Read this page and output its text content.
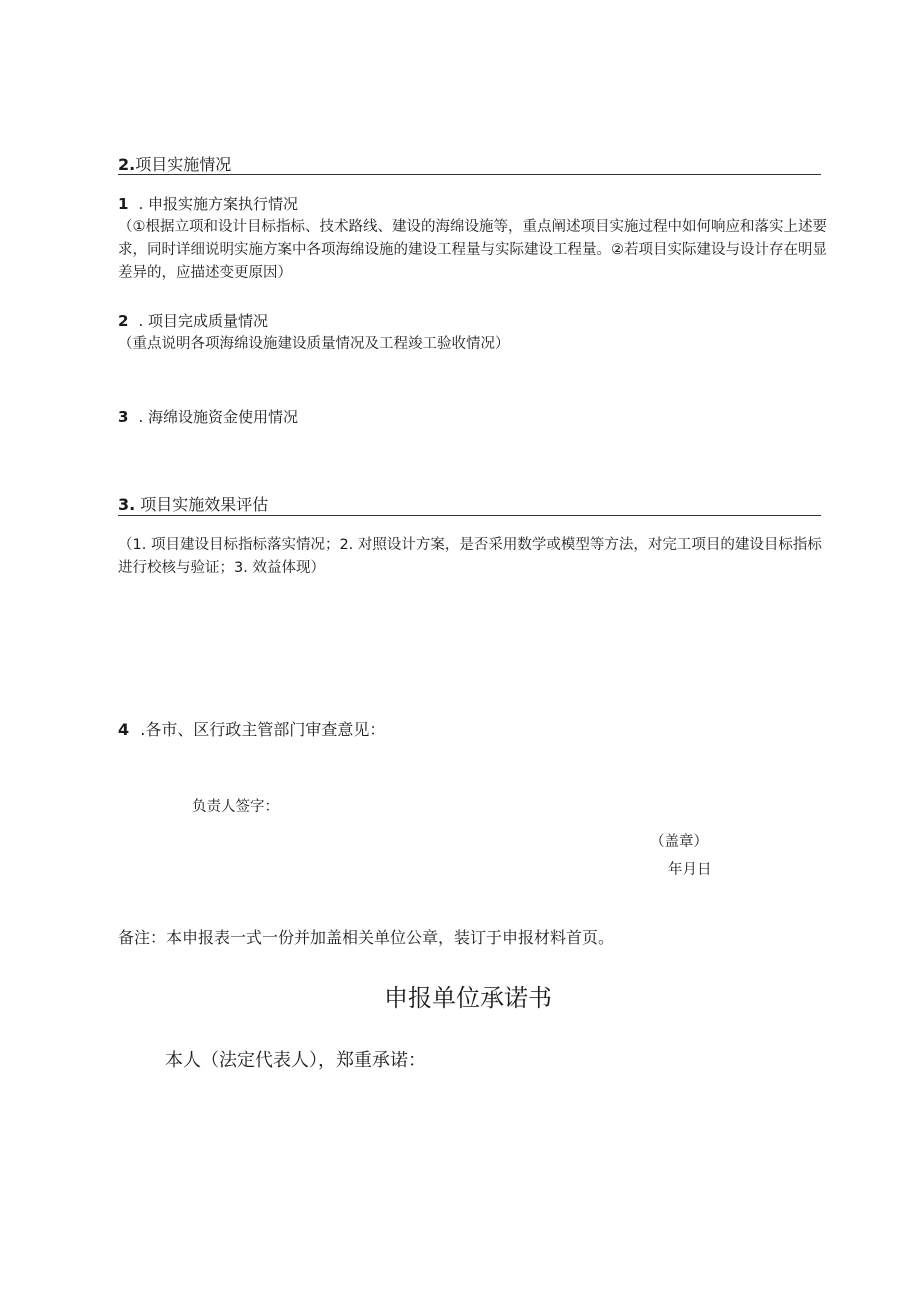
2.项目实施情况
1 . 申报实施方案执行情况
（①根据立项和设计目标指标、技术路线、建设的海绵设施等，重点阐述项目实施过程中如何响应和落实上述要求，同时详细说明实施方案中各项海绵设施的建设工程量与实际建设工程量。②若项目实际建设与设计存在明显差异的，应描述变更原因）
2 . 项目完成质量情况
（重点说明各项海绵设施建设质量情况及工程竣工验收情况）
3 . 海绵设施资金使用情况
3. 项目实施效果评估
（1. 项目建设目标指标落实情况；2. 对照设计方案，是否采用数学或模型等方法，对完工项目的建设目标指标进行校核与验证；3. 效益体现）
4 .各市、区行政主管部门审查意见：
负责人签字：
（盖章）
年月日
备注：本申报表一式一份并加盖相关单位公章，装订于申报材料首页。
申报单位承诺书
本人（法定代表人），郑重承诺：
